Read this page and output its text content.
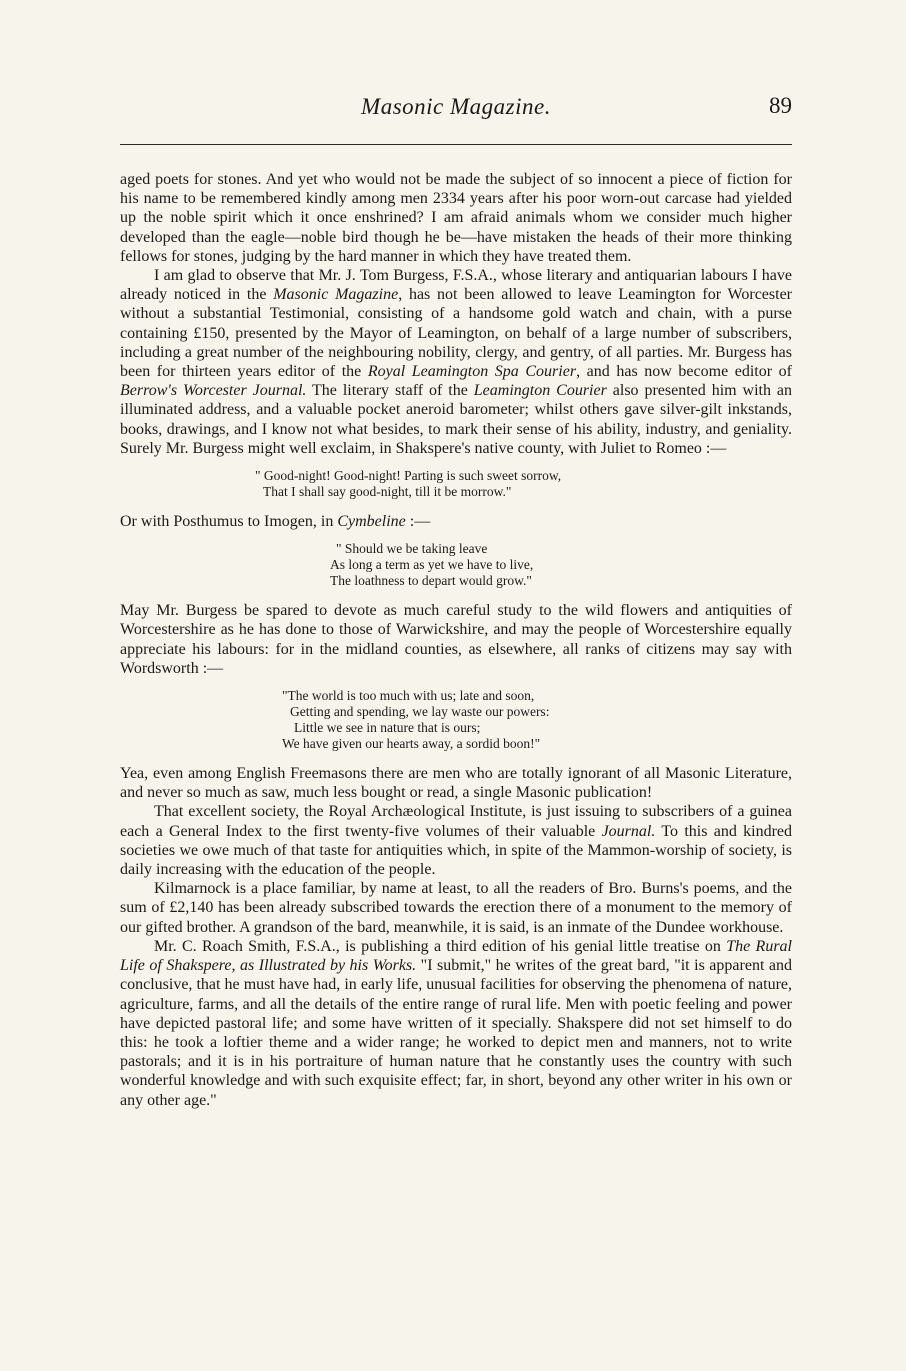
Masonic Magazine.	89

aged poets for stones. And yet who would not be made the subject of so innocent a piece of fiction for his name to be remembered kindly among men 2334 years after his poor worn-out carcase had yielded up the noble spirit which it once enshrined? I am afraid animals whom we consider much higher developed than the eagle—noble bird though he be—have mistaken the heads of their more thinking fellows for stones, judging by the hard manner in which they have treated them.

I am glad to observe that Mr. J. Tom Burgess, F.S.A., whose literary and antiquarian labours I have already noticed in the Masonic Magazine, has not been allowed to leave Leamington for Worcester without a substantial Testimonial, consisting of a handsome gold watch and chain, with a purse containing £150, presented by the Mayor of Leamington, on behalf of a large number of subscribers, including a great number of the neighbouring nobility, clergy, and gentry, of all parties. Mr. Burgess has been for thirteen years editor of the Royal Leamington Spa Courier, and has now become editor of Berrow's Worcester Journal. The literary staff of the Leamington Courier also presented him with an illuminated address, and a valuable pocket aneroid barometer; whilst others gave silver-gilt inkstands, books, drawings, and I know not what besides, to mark their sense of his ability, industry, and geniality. Surely Mr. Burgess might well exclaim, in Shakspere's native county, with Juliet to Romeo :—

" Good-night! Good-night! Parting is such sweet sorrow,
That I shall say good-night, till it be morrow."

Or with Posthumus to Imogen, in Cymbeline :—

" Should we be taking leave
As long a term as yet we have to live,
The loathness to depart would grow."

May Mr. Burgess be spared to devote as much careful study to the wild flowers and antiquities of Worcestershire as he has done to those of Warwickshire, and may the people of Worcestershire equally appreciate his labours: for in the midland counties, as elsewhere, all ranks of citizens may say with Wordsworth :—

"The world is too much with us; late and soon,
Getting and spending, we lay waste our powers:
Little we see in nature that is ours;
We have given our hearts away, a sordid boon!"

Yea, even among English Freemasons there are men who are totally ignorant of all Masonic Literature, and never so much as saw, much less bought or read, a single Masonic publication!

That excellent society, the Royal Archæological Institute, is just issuing to subscribers of a guinea each a General Index to the first twenty-five volumes of their valuable Journal. To this and kindred societies we owe much of that taste for antiquities which, in spite of the Mammon-worship of society, is daily increasing with the education of the people.

Kilmarnock is a place familiar, by name at least, to all the readers of Bro. Burns's poems, and the sum of £2,140 has been already subscribed towards the erection there of a monument to the memory of our gifted brother. A grandson of the bard, meanwhile, it is said, is an inmate of the Dundee workhouse.

Mr. C. Roach Smith, F.S.A., is publishing a third edition of his genial little treatise on The Rural Life of Shakspere, as Illustrated by his Works. "I submit," he writes of the great bard, "it is apparent and conclusive, that he must have had, in early life, unusual facilities for observing the phenomena of nature, agriculture, farms, and all the details of the entire range of rural life. Men with poetic feeling and power have depicted pastoral life; and some have written of it specially. Shakspere did not set himself to do this: he took a loftier theme and a wider range; he worked to depict men and manners, not to write pastorals; and it is in his portraiture of human nature that he constantly uses the country with such wonderful knowledge and with such exquisite effect; far, in short, beyond any other writer in his own or any other age."
